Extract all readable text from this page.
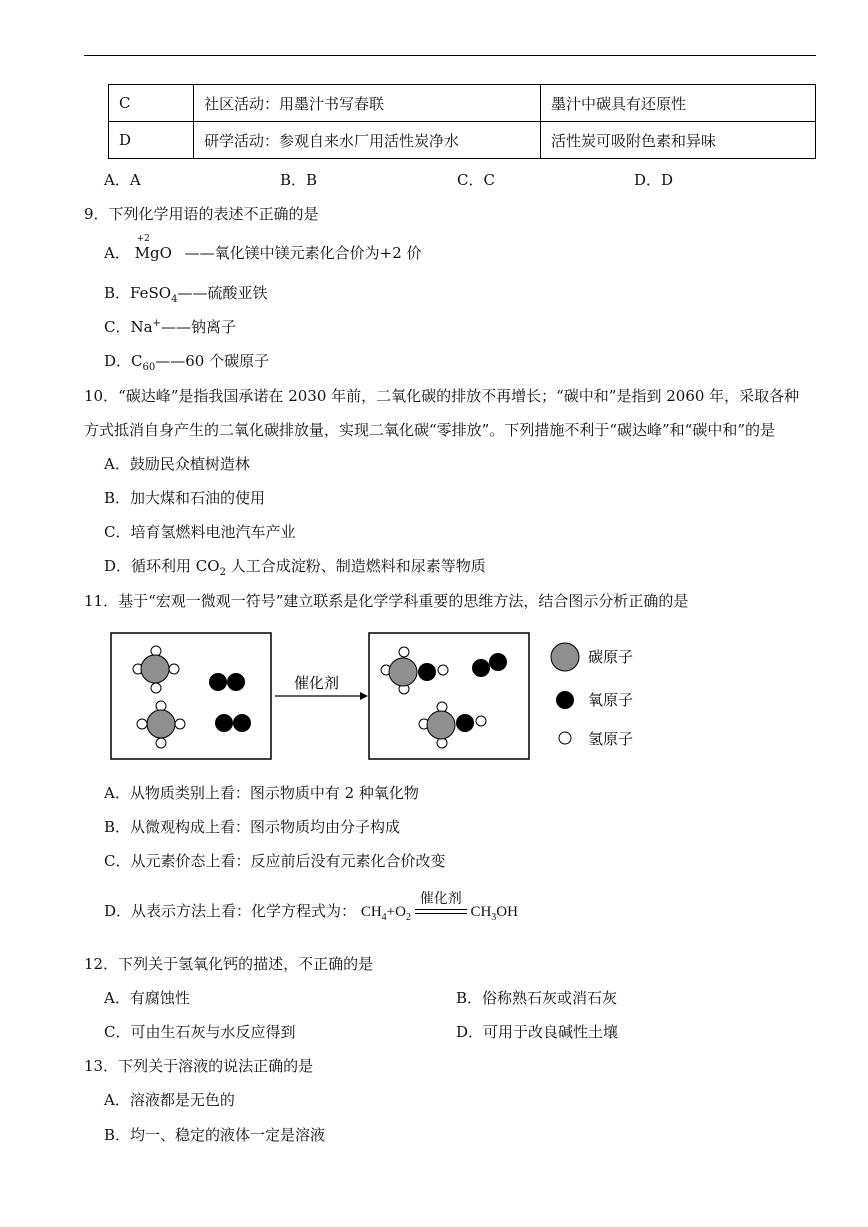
C	社区活动：用墨汁书写春联	墨汁中碳具有还原性
D	研学活动：参观自来水厂用活性炭净水	活性炭可吸附色素和异味
A．A	B．B	C．C	D．D
9．下列化学用语的表述不正确的是
A．
+2
MgO ——氧化镁中镁元素化合价为+2 价
B．FeSO$_4$——硫酸亚铁
C．Na+——钠离子
D．$C_{60}——60$ 个碳原子
10．“碳达峰”是指我国承诺在 2030 年前，二氧化碳的排放不再增长；“碳中和”是指到 2060 年，采取各种
方式抵消自身产生的二氧化碳排放量，实现二氧化碳“零排放”。下列措施不利于“碳达峰”和“碳中和”的是
A．鼓励民众植树造林
B．加大煤和石油的使用
C．培育氢燃料电池汽车产业
D．循环利用 $CO_2$ 人工合成淀粉、制造燃料和尿素等物质
11．基于“宏观一微观一符号”建立联系是化学学科重要的思维方法，结合图示分析正确的是
催化剂
碳原子
氧原子
氢原子
A．从物质类别上看：图示物质中有 2 种氧化物
B．从微观构成上看：图示物质均由分子构成
C．从元素价态上看：反应前后没有元素化合价改变
D．从表示方法上看：化学方程式为： $CH_4+O_2$
催化剂
$CH_3OH$
12．下列关于氢氧化钙的描述，不正确的是
A．有腐蚀性	B．俗称熟石灰或消石灰
C．可由生石灰与水反应得到	D．可用于改良碱性土壤
13．下列关于溶液的说法正确的是
A．溶液都是无色的
B．均一、稳定的液体一定是溶液
